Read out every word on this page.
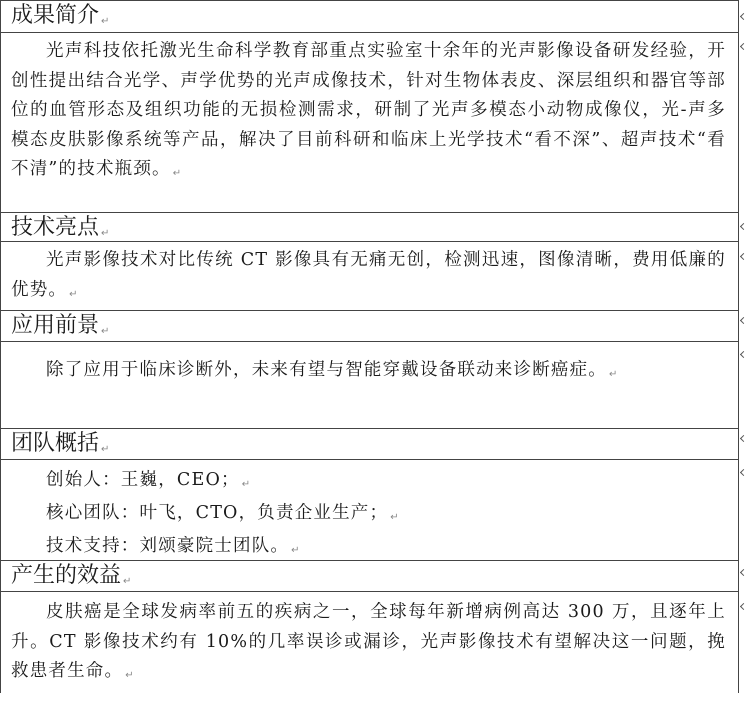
成果简介 ↵
光声科技依托激光生命科学教育部重点实验室十余年的光声影像设备研发经验，开创性提出结合光学、声学优势的光声成像技术，针对生物体表皮、深层组织和器官等部位的血管形态及组织功能的无损检测需求，研制了光声多模态小动物成像仪，光-声多模态皮肤影像系统等产品，解决了目前科研和临床上光学技术“看不深”、超声技术“看不清”的技术瓶颈。 ↵
技术亮点 ↵
光声影像技术对比传统 CT 影像具有无痛无创，检测迅速，图像清晰，费用低廉的优势。 ↵
应用前景 ↵
除了应用于临床诊断外，未来有望与智能穿戴设备联动来诊断癌症。 ↵
团队概括 ↵
创始人：王巍，CEO； ↵
核心团队：叶飞，CTO，负责企业生产； ↵
技术支持：刘颂豪院士团队。 ↵
产生的效益 ↵
皮肤癌是全球发病率前五的疾病之一，全球每年新增病例高达 300 万，且逐年上升。CT 影像技术约有 10%的几率误诊或漏诊，光声影像技术有望解决这一问题，挽救患者生命。 ↵
